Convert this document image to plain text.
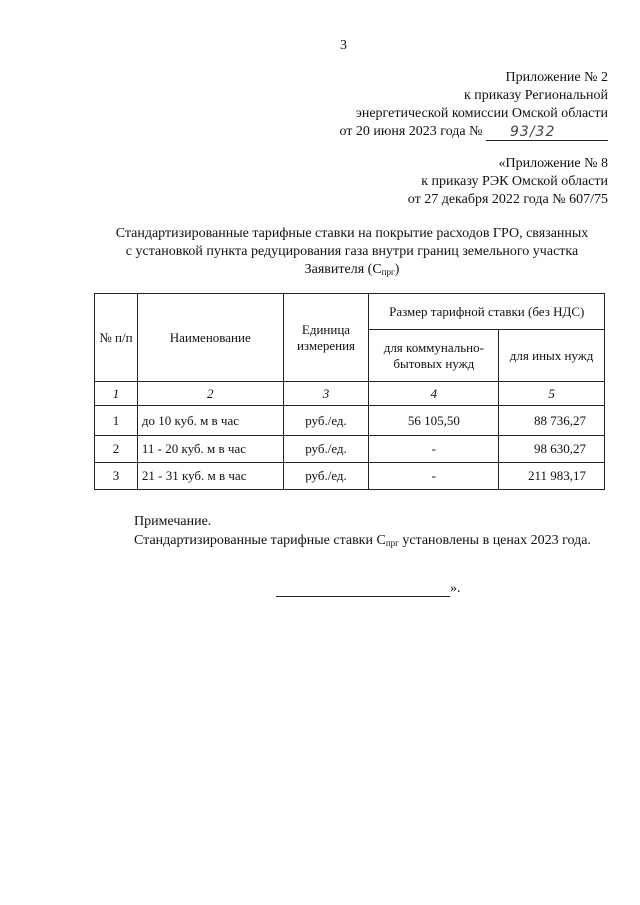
3
Приложение № 2
к приказу Региональной
энергетической комиссии Омской области
от 20 июня 2023 года № 93/32
«Приложение № 8
к приказу РЭК Омской области
от 27 декабря 2022 года № 607/75
Стандартизированные тарифные ставки на покрытие расходов ГРО, связанных
с установкой пункта редуцирования газа внутри границ земельного участка
Заявителя $(С_{прг})$
№ п/п	Наименование	Единица измерения	Размер тарифной ставки (без НДС)	
			для коммунально-бытовых нужд	для иных нужд
1	2	3	4	5
1	до 10 куб. м в час	руб./ед.	56 105,50	88 736,27
2	11 - 20 куб. м в час	руб./ед.	-	98 630,27
3	21 - 31 куб. м в час	руб./ед.	-	211 983,17
Примечание.
Стандартизированные тарифные ставки $С_{прг}$ установлены в ценах 2023 года.
».
